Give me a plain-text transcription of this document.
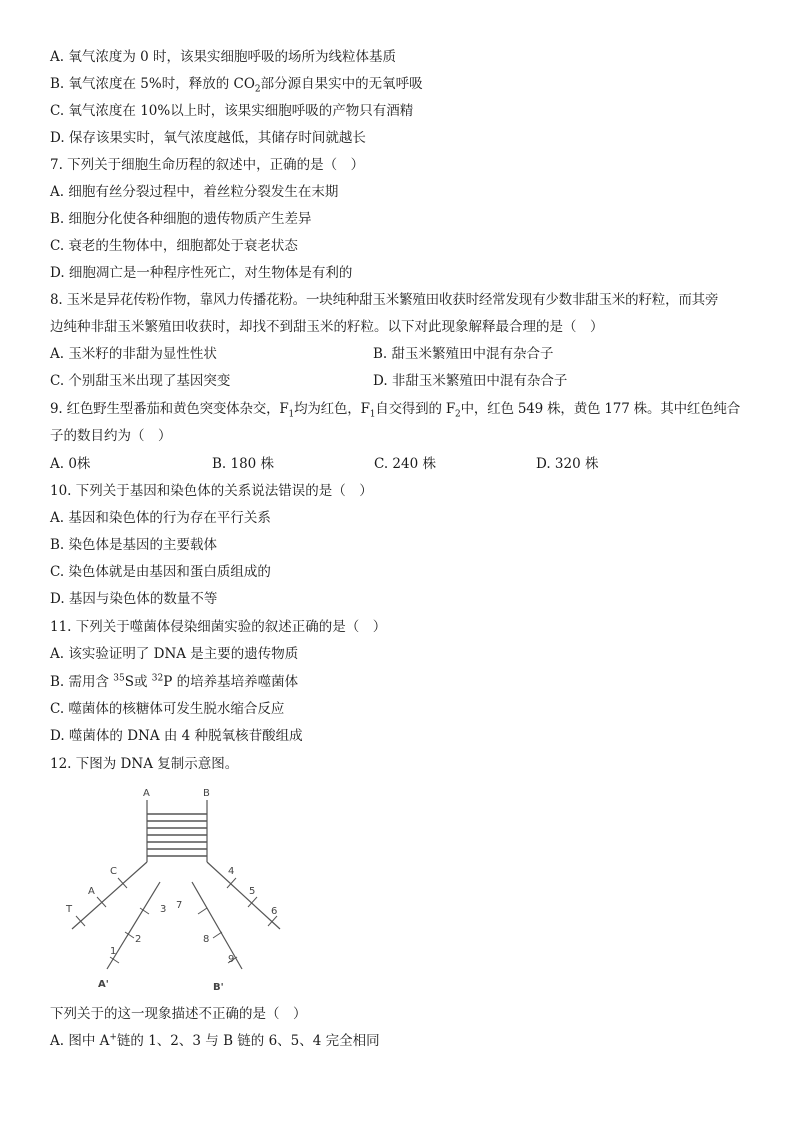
A. 氧气浓度为 0 时，该果实细胞呼吸的场所为线粒体基质
B. 氧气浓度在 5%时，释放的 $CO_2$部分源自果实中的无氧呼吸
C. 氧气浓度在 10%以上时，该果实细胞呼吸的产物只有酒精
D. 保存该果实时，氧气浓度越低，其储存时间就越长
7. 下列关于细胞生命历程的叙述中，正确的是（　）
A. 细胞有丝分裂过程中，着丝粒分裂发生在末期
B. 细胞分化使各种细胞的遗传物质产生差异
C. 衰老的生物体中，细胞都处于衰老状态
D. 细胞凋亡是一种程序性死亡，对生物体是有利的
8. 玉米是异花传粉作物，靠风力传播花粉。一块纯种甜玉米繁殖田收获时经常发现有少数非甜玉米的籽粒，而其旁
边纯种非甜玉米繁殖田收获时，却找不到甜玉米的籽粒。以下对此现象解释最合理的是（　）
A. 玉米籽的非甜为显性性状	B. 甜玉米繁殖田中混有杂合子
C. 个别甜玉米出现了基因突变	D. 非甜玉米繁殖田中混有杂合子
9. 红色野生型番茄和黄色突变体杂交，$F_1$均为红色，$F_1$自交得到的 $F_2$中，红色 549 株，黄色 177 株。其中红色纯合
子的数目约为（　）
A. 0株	B. 180 株	C. 240 株	D. 320 株
10. 下列关于基因和染色体的关系说法错误的是（　）
A. 基因和染色体的行为存在平行关系
B. 染色体是基因的主要载体
C. 染色体就是由基因和蛋白质组成的
D. 基因与染色体的数量不等
11. 下列关于噬菌体侵染细菌实验的叙述正确的是（　）
A. 该实验证明了 DNA 是主要的遗传物质
B. 需用含 $^{35}$S或 $^{32}$P 的培养基培养噬菌体
C. 噬菌体的核糖体可发生脱水缩合反应
D. 噬菌体的 DNA 由 4 种脱氧核苷酸组成
12. 下图为 DNA 复制示意图。
A	B
T
A
C
1
2
3 7
8
9
4
5
6
A'	B'
下列关于的这一现象描述不正确的是（　）
A. 图中 A+链的 1、2、3 与 B 链的 6、5、4 完全相同
